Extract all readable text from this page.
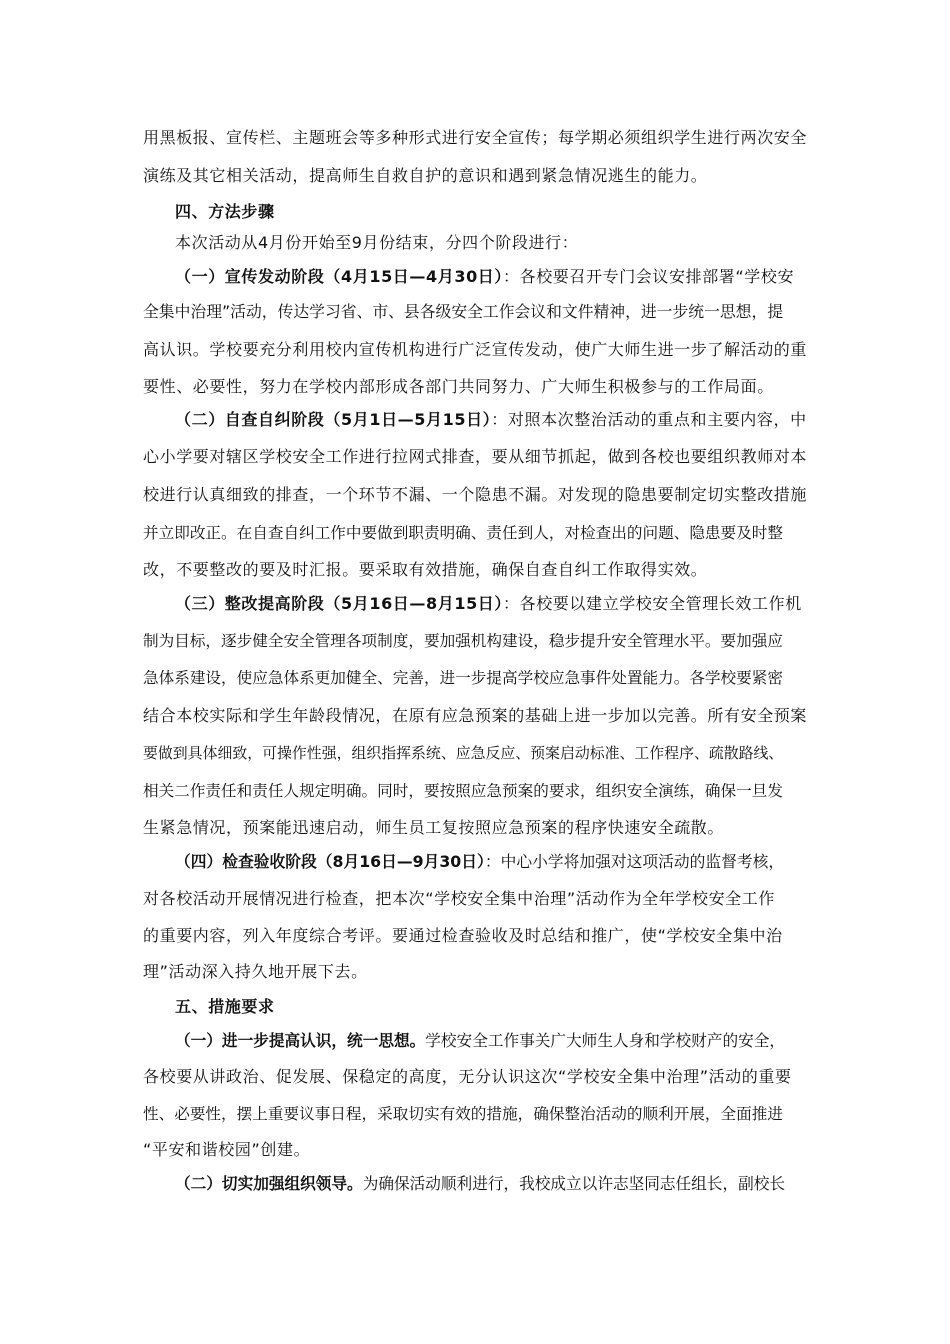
用黑板报、宣传栏、主题班会等多种形式进行安全宣传；每学期必须组织学生进行两次安全
演练及其它相关活动，提高师生自救自护的意识和遇到紧急情况逃生的能力。
四、方法步骤
本次活动从4月份开始至9月份结束，分四个阶段进行：
（一）宣传发动阶段（4月15日—4月30日）：各校要召开专门会议安排部署“学校安
全集中治理”活动，传达学习省、市、县各级安全工作会议和文件精神，进一步统一思想，提
高认识。学校要充分利用校内宣传机构进行广泛宣传发动，使广大师生进一步了解活动的重
要性、必要性，努力在学校内部形成各部门共同努力、广大师生积极参与的工作局面。
（二）自查自纠阶段（5月1日—5月15日）：对照本次整治活动的重点和主要内容，中
心小学要对辖区学校安全工作进行拉网式排查，要从细节抓起，做到各校也要组织教师对本
校进行认真细致的排查，一个环节不漏、一个隐患不漏。对发现的隐患要制定切实整改措施
并立即改正。在自查自纠工作中要做到职责明确、责任到人，对检查出的问题、隐患要及时整
改，不要整改的要及时汇报。要采取有效措施，确保自查自纠工作取得实效。
（三）整改提高阶段（5月16日—8月15日）：各校要以建立学校安全管理长效工作机
制为目标，逐步健全安全管理各项制度，要加强机构建设，稳步提升安全管理水平。要加强应
急体系建设，使应急体系更加健全、完善，进一步提高学校应急事件处置能力。各学校要紧密
结合本校实际和学生年龄段情况，在原有应急预案的基础上进一步加以完善。所有安全预案
要做到具体细致，可操作性强，组织指挥系统、应急反应、预案启动标准、工作程序、疏散路线、
相关二作责任和责任人规定明确。同时，要按照应急预案的要求，组织安全演练，确保一旦发
生紧急情况，预案能迅速启动，师生员工复按照应急预案的程序快速安全疏散。
（四）检查验收阶段（8月16日—9月30日）：中心小学将加强对这项活动的监督考核，
对各校活动开展情况进行检查，把本次“学校安全集中治理”活动作为全年学校安全工作
的重要内容，列入年度综合考评。要通过检查验收及时总结和推广，使“学校安全集中治
理”活动深入持久地开展下去。
五、措施要求
（一）进一步提高认识，统一思想。学校安全工作事关广大师生人身和学校财产的安全，
各校要从讲政治、促发展、保稳定的高度，无分认识这次“学校安全集中治理”活动的重要
性、必要性，摆上重要议事日程，采取切实有效的措施，确保整治活动的顺利开展，全面推进
“平安和谐校园”创建。
（二）切实加强组织领导。为确保活动顺利进行，我校成立以许志坚同志任组长，副校长
